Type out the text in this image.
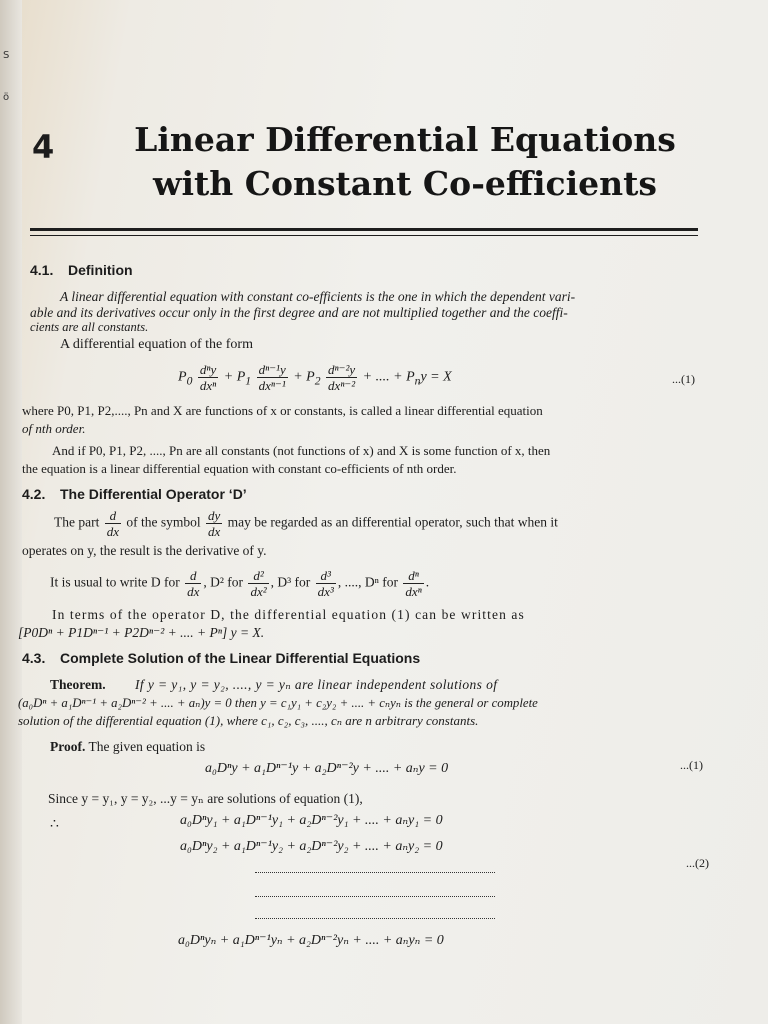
S
ö
4	Linear Differential Equations
with Constant Co-efficients
4.1. Definition
A linear differential equation with constant co-efficients is the one in which the dependent vari-
able and its derivatives occur only in the first degree and are not multiplied together and the coeffi-
cients are all constants.
A differential equation of the form
$P_0 \frac{\text{dⁿy}}{\text{dxⁿ}} + P_1 \frac{\text{dⁿ⁻¹y}}{\text{dxⁿ⁻¹}} + P_2 \frac{\text{dⁿ⁻²y}}{\text{dxⁿ⁻²}}$ + .... + $P_ny = X$	...(1)
where P0, P1, P2,...., Pn and X are functions of x or constants, is called a linear differential equation
of nth order.
And if P0, P1, P2, ...., Pn are all constants (not functions of x) and X is some function of x, then
the equation is a linear differential equation with constant co-efficients of nth order.
4.2. The Differential Operator ‘D’
The part $\frac{d}{dx}$ of the symbol $\frac{dy}{dx}$ may be regarded as an differential operator, such that when it
operates on y, the result is the derivative of y.
It is usual to write D for $\frac{d}{dx}$ , D² for $\frac{\text{d²}}{\text{dx²}}$ , D³ for $\frac{\text{d³}}{\text{dx³}}$ , ...., Dⁿ for $\frac{\text{dⁿ}}{\text{dxⁿ}}$ .
In terms of the operator D, the differential equation (1) can be written as
[P0Dⁿ + P1Dⁿ⁻¹ + P2Dⁿ⁻² + .... + Pⁿ] y = X.
4.3. Complete Solution of the Linear Differential Equations
Theorem. If y = y₁, y = y₂, ...., y = yₙ are linear independent solutions of
(a₀Dⁿ + a₁Dⁿ⁻¹ + a₂Dⁿ⁻² + .... + aₙ)y = 0 then y = c₁y₁ + c₂y₂ + .... + cₙyₙ is the general or complete
solution of the differential equation (1), where c₁, c₂, c₃, ...., cₙ are n arbitrary constants.
Proof. The given equation is
a₀Dⁿy + a₁Dⁿ⁻¹y + a₂Dⁿ⁻²y + .... + aₙy = 0	...(1)
Since y = y₁, y = y₂, ...y = yₙ are solutions of equation (1),
∴	a₀Dⁿy₁ + a₁Dⁿ⁻¹y₁ + a₂Dⁿ⁻²y₁ + .... + aₙy₁ = 0
a₀Dⁿy₂ + a₁Dⁿ⁻¹y₂ + a₂Dⁿ⁻²y₂ + .... + aₙy₂ = 0
...(2)
a₀Dⁿyₙ + a₁Dⁿ⁻¹yₙ + a₂Dⁿ⁻²yₙ + .... + aₙyₙ = 0
